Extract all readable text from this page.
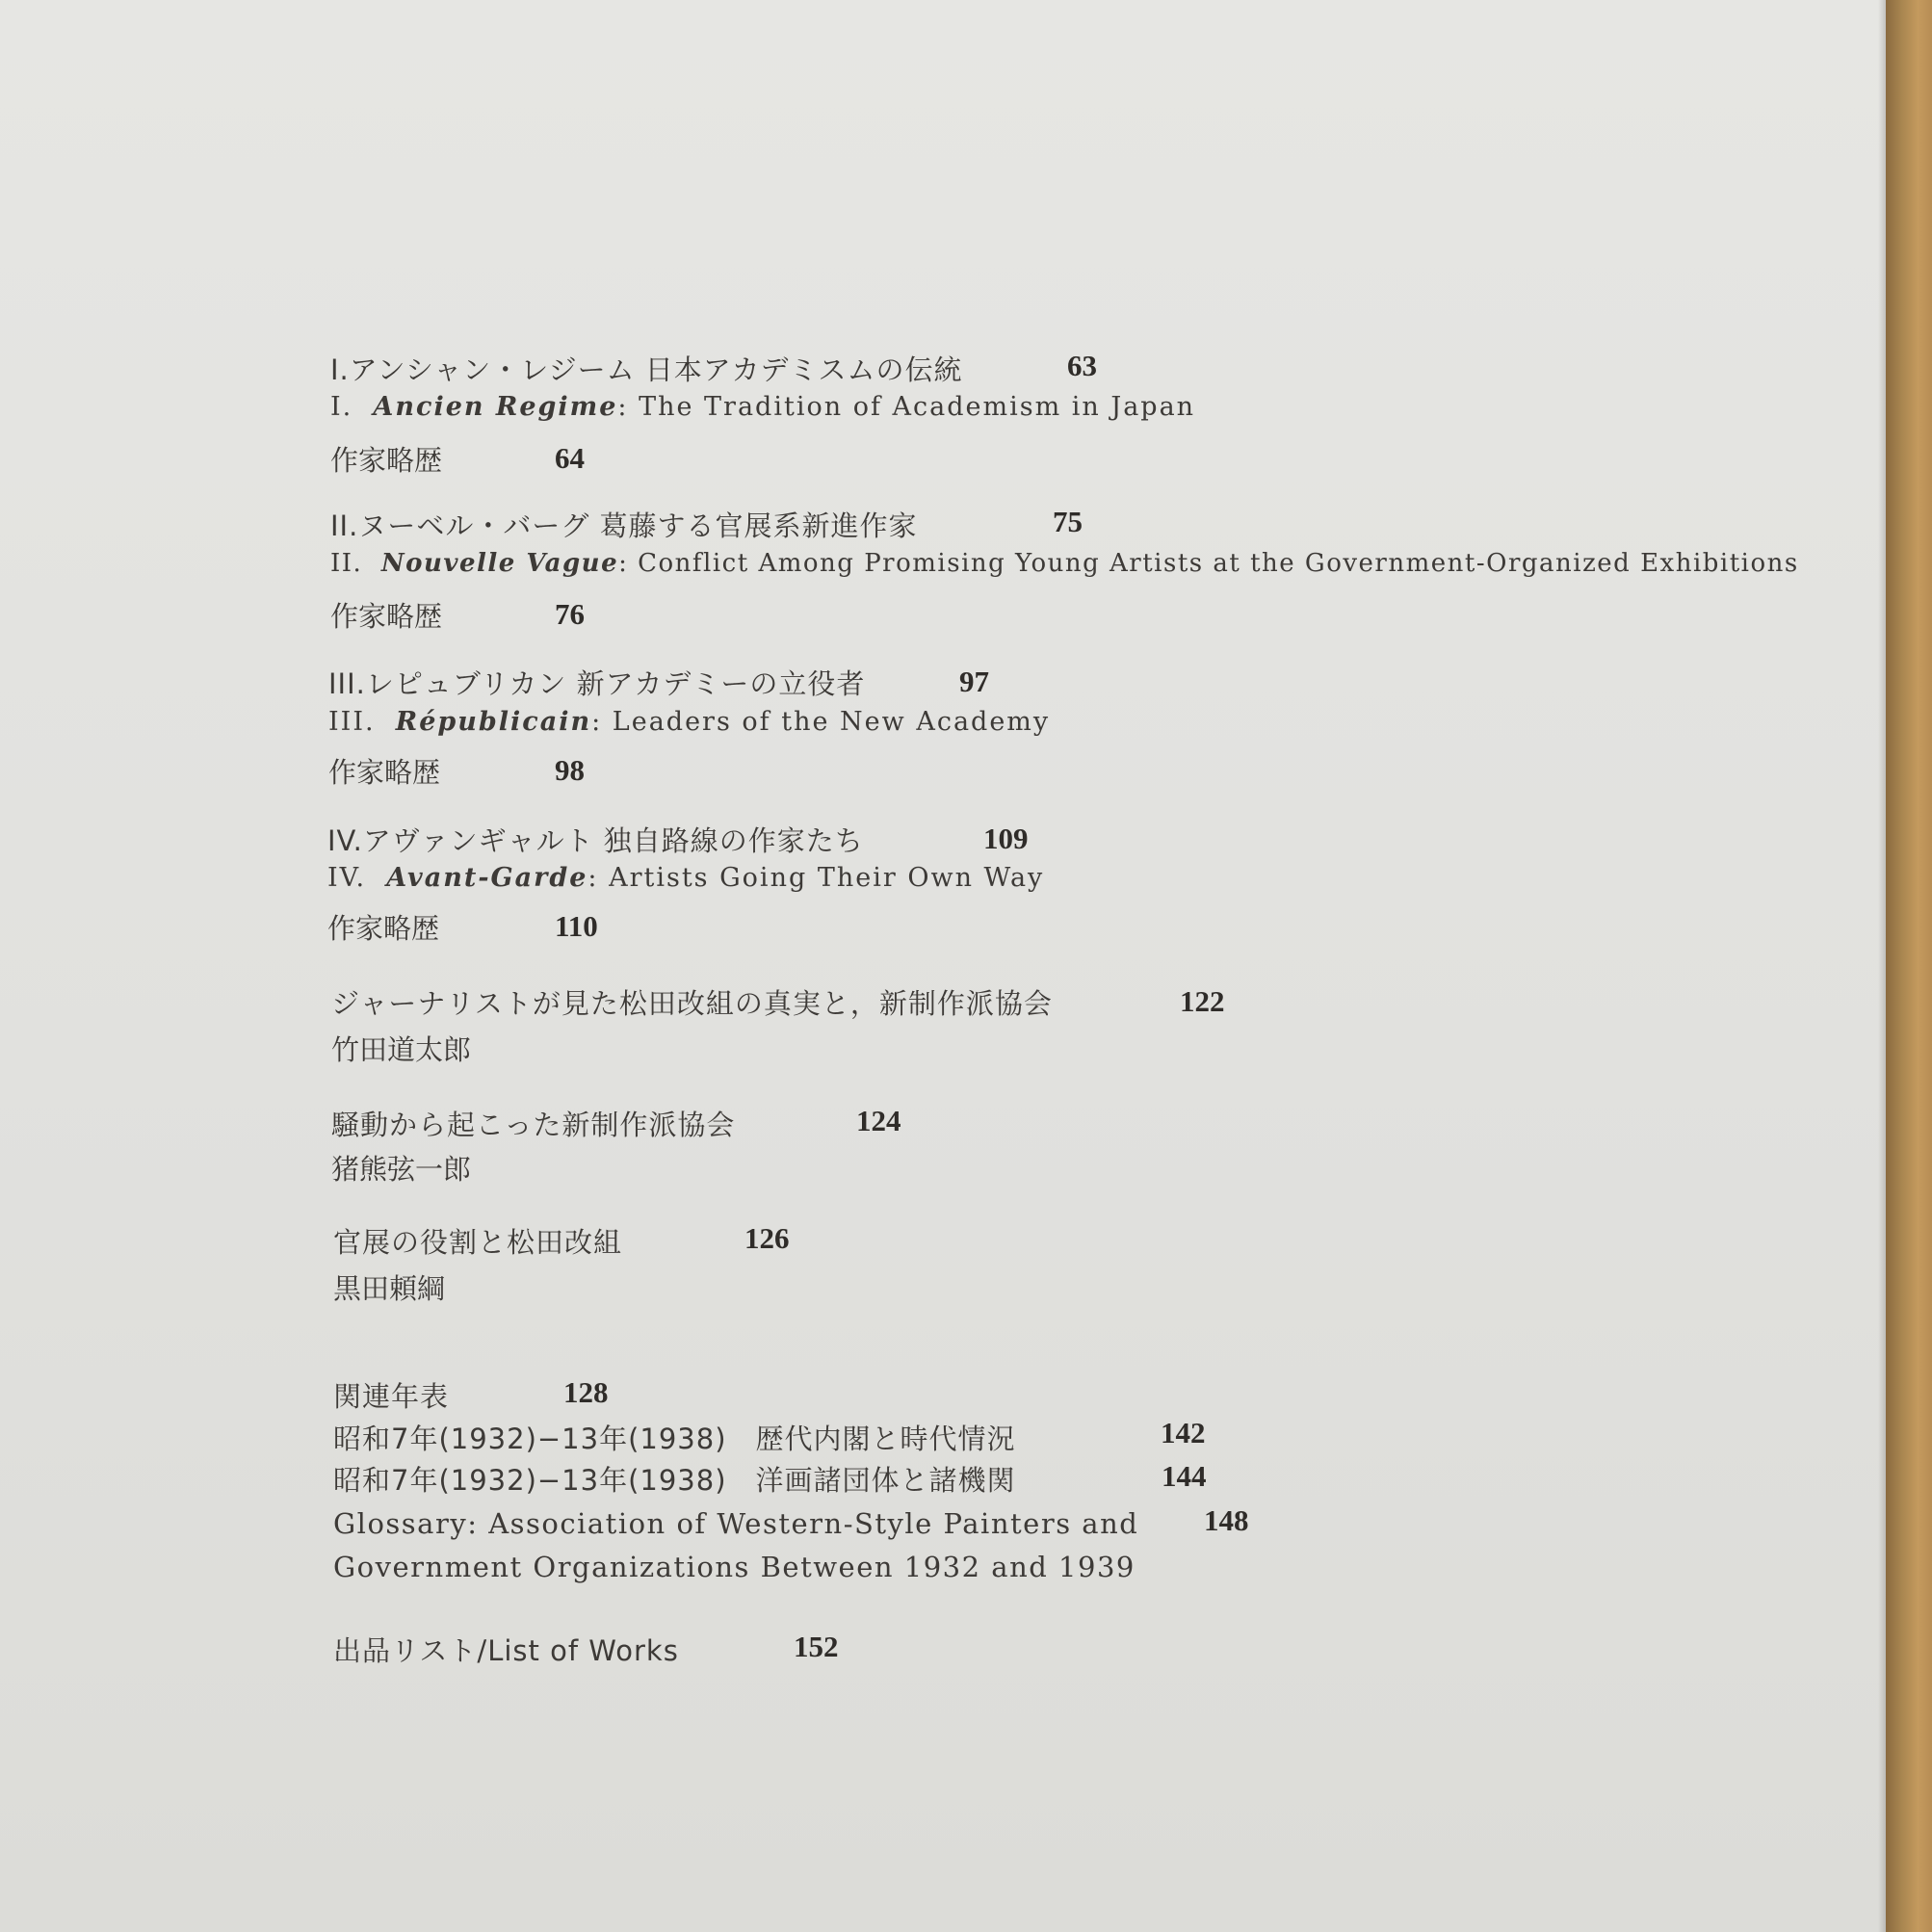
I.アンシャン・レジーム 日本アカデミスムの伝統	63
I. Ancien Regime: The Tradition of Academism in Japan
作家略歴	64
II.ヌーベル・バーグ 葛藤する官展系新進作家	75
II. Nouvelle Vague: Conflict Among Promising Young Artists at the Government-Organized Exhibitions
作家略歴	76
III.レピュブリカン 新アカデミーの立役者	97
III. Républicain: Leaders of the New Academy
作家略歴	98
IV.アヴァンギャルト 独自路線の作家たち	109
IV. Avant-Garde: Artists Going Their Own Way
作家略歴	110
ジャーナリストが見た松田改組の真実と，新制作派協会	122
竹田道太郎
騒動から起こった新制作派協会	124
猪熊弦一郎
官展の役割と松田改組	126
黒田頼綱
関連年表	128
昭和7年(1932)−13年(1938)　歴代内閣と時代情況	142
昭和7年(1932)−13年(1938)　洋画諸団体と諸機関	144
Glossary: Association of Western-Style Painters and 148
Government Organizations Between 1932 and 1939
出品リスト/List of Works	152
